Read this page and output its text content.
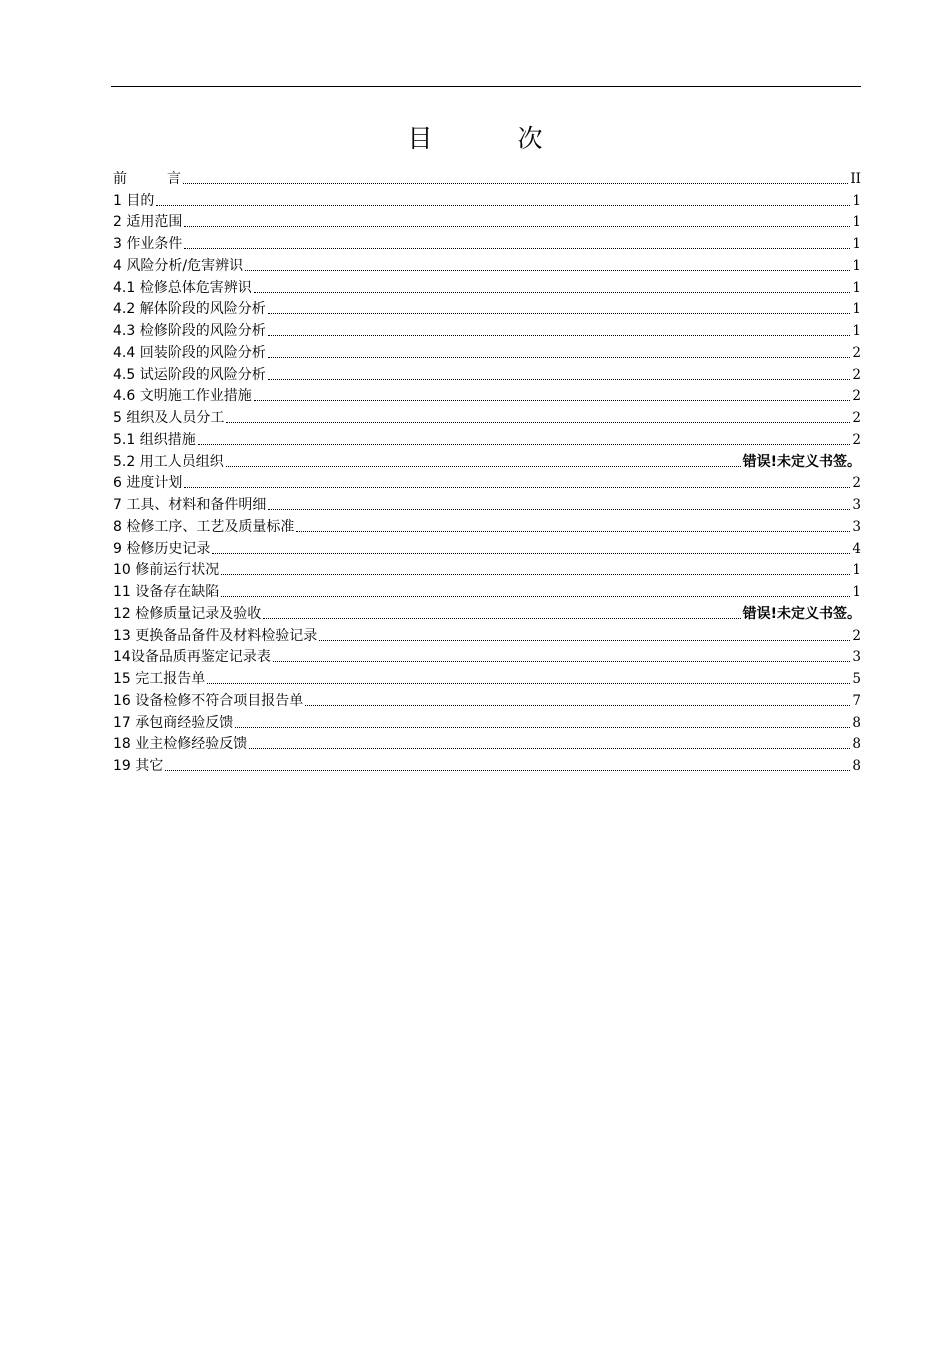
目　次
前	言	II
1 目的	1
2 适用范围	1
3 作业条件	1
4 风险分析/危害辨识	1
4.1 检修总体危害辨识	1
4.2 解体阶段的风险分析	1
4.3 检修阶段的风险分析	1
4.4 回装阶段的风险分析	2
4.5 试运阶段的风险分析	2
4.6 文明施工作业措施	2
5 组织及人员分工	2
5.1 组织措施	2
5.2 用工人员组织	错误!未定义书签。
6 进度计划	2
7 工具、材料和备件明细	3
8 检修工序、工艺及质量标准	3
9 检修历史记录	4
10 修前运行状况	1
11 设备存在缺陷	1
12 检修质量记录及验收	错误!未定义书签。
13 更换备品备件及材料检验记录	2
14设备品质再鉴定记录表	3
15 完工报告单	5
16 设备检修不符合项目报告单	7
17 承包商经验反馈	8
18 业主检修经验反馈	8
19 其它	8
